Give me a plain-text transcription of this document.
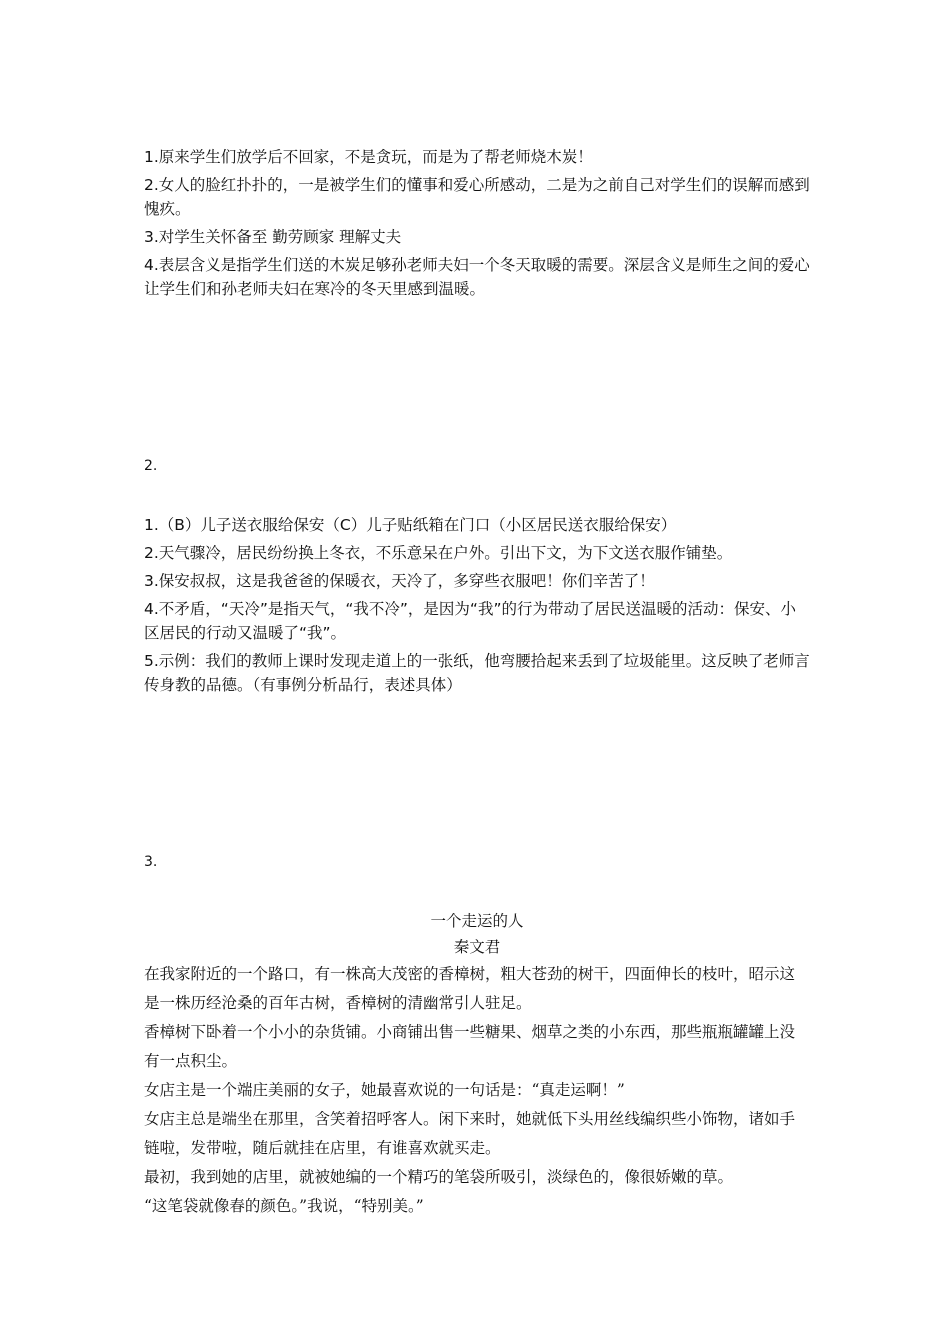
1.原来学生们放学后不回家，不是贪玩，而是为了帮老师烧木炭！

2.女人的脸红扑扑的，一是被学生们的懂事和爱心所感动，二是为之前自己对学生们的误解而感到愧疚。

3.对学生关怀备至 勤劳顾家 理解丈夫

4.表层含义是指学生们送的木炭足够孙老师夫妇一个冬天取暖的需要。深层含义是师生之间的爱心让学生们和孙老师夫妇在寒冷的冬天里感到温暖。

2.

1.（B）儿子送衣服给保安（C）儿子贴纸箱在门口（小区居民送衣服给保安）

2.天气骤冷，居民纷纷换上冬衣，不乐意呆在户外。引出下文，为下文送衣服作铺垫。

3.保安叔叔，这是我爸爸的保暖衣，天冷了，多穿些衣服吧！你们辛苦了！

4.不矛盾，“天冷”是指天气，“我不冷”，是因为“我”的行为带动了居民送温暖的活动：保安、小区居民的行动又温暖了“我”。

5.示例：我们的教师上课时发现走道上的一张纸，他弯腰拾起来丢到了垃圾能里。这反映了老师言传身教的品德。（有事例分析品行，表述具体）

3.

一个走运的人

秦文君

在我家附近的一个路口，有一株高大茂密的香樟树，粗大苍劲的树干，四面伸长的枝叶，昭示这是一株历经沧桑的百年古树，香樟树的清幽常引人驻足。

香樟树下卧着一个小小的杂货铺。小商铺出售一些糖果、烟草之类的小东西，那些瓶瓶罐罐上没有一点积尘。

女店主是一个端庄美丽的女子，她最喜欢说的一句话是：“真走运啊！”

女店主总是端坐在那里，含笑着招呼客人。闲下来时，她就低下头用丝线编织些小饰物，诸如手链啦，发带啦，随后就挂在店里，有谁喜欢就买走。

最初，我到她的店里，就被她编的一个精巧的笔袋所吸引，淡绿色的，像很娇嫩的草。

“这笔袋就像春的颜色。”我说，“特别美。”
